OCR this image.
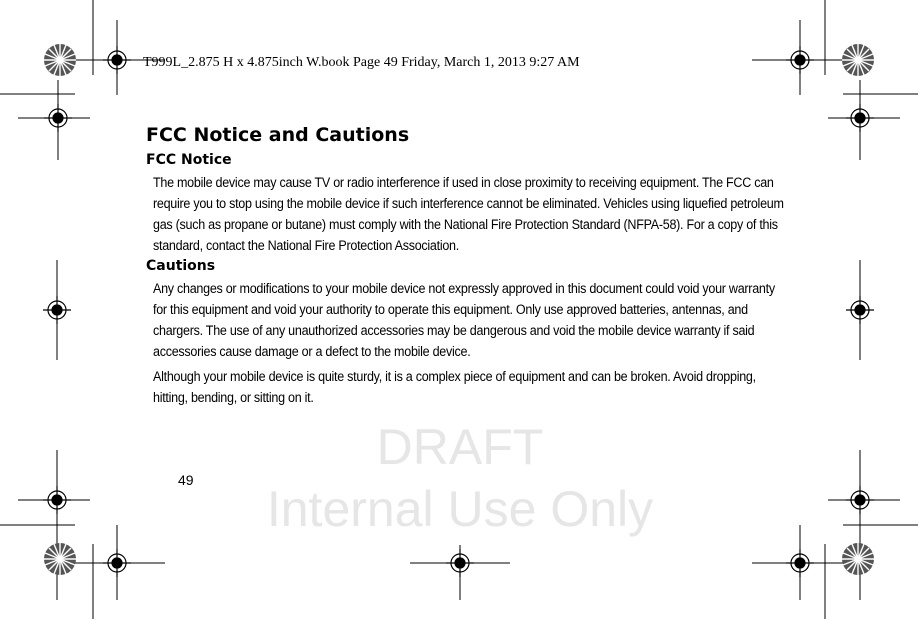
T999L_2.875 H x 4.875inch W.book Page 49 Friday, March 1, 2013 9:27 AM
DRAFT
Internal Use Only
FCC Notice and Cautions
FCC Notice

The mobile device may cause TV or radio interference if used in close proximity to receiving equipment. The FCC can require you to stop using the mobile device if such interference cannot be eliminated. Vehicles using liquefied petroleum gas (such as propane or butane) must comply with the National Fire Protection Standard (NFPA-58). For a copy of this standard, contact the National Fire Protection Association.

Cautions

Any changes or modifications to your mobile device not expressly approved in this document could void your warranty for this equipment and void your authority to operate this equipment. Only use approved batteries, antennas, and chargers. The use of any unauthorized accessories may be dangerous and void the mobile device warranty if said accessories cause damage or a defect to the mobile device.

Although your mobile device is quite sturdy, it is a complex piece of equipment and can be broken. Avoid dropping, hitting, bending, or sitting on it.

49
